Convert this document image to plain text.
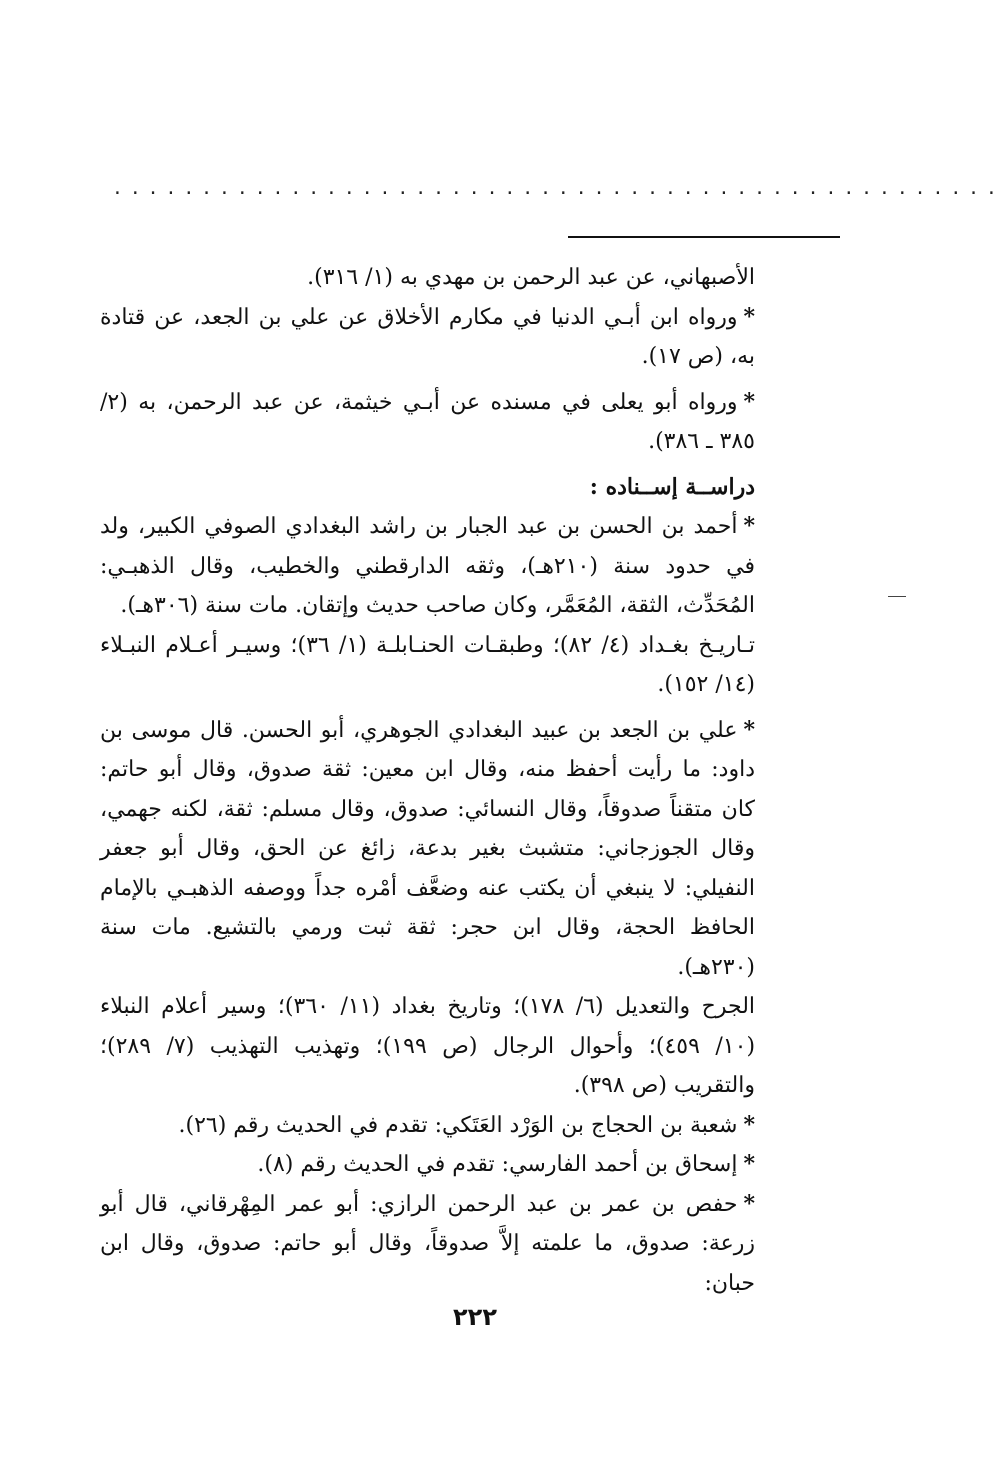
..................................................

الأصبهاني، عن عبد الرحمن بن مهدي به (١/ ٣١٦).

*ورواه ابن أبـي الدنيا في مكارم الأخلاق عن علي بن الجعد، عن قتادة به، (ص ١٧).

*ورواه أبو يعلى في مسنده عن أبـي خيثمة، عن عبد الرحمن، به (٢/ ٣٨٥ ـ ٣٨٦).

دراســة إســناده :

*أحمد بن الحسن بن عبد الجبار بن راشد البغدادي الصوفي الكبير، ولد في حدود سنة (٢١٠هـ)، وثقه الدارقطني والخطيب، وقال الذهبـي: المُحَدِّث، الثقة، المُعَمَّر، وكان صاحب حديث وإتقان. مات سنة (٣٠٦هـ).

تـاريـخ بغـداد (٤/ ٨٢)؛ وطبقـات الحنـابلـة (١/ ٣٦)؛ وسيـر أعـلام النبـلاء (١٤/ ١٥٢).

*علي بن الجعد بن عبيد البغدادي الجوهري، أبو الحسن. قال موسى بن داود: ما رأيت أحفظ منه، وقال ابن معين: ثقة صدوق، وقال أبو حاتم: كان متقناً صدوقاً، وقال النسائي: صدوق، وقال مسلم: ثقة، لكنه جهمي، وقال الجوزجاني: متشبث بغير بدعة، زائغ عن الحق، وقال أبو جعفر النفيلي: لا ينبغي أن يكتب عنه وضعَّف أمْره جداً ووصفه الذهبـي بالإمام الحافظ الحجة، وقال ابن حجر: ثقة ثبت ورمي بالتشيع. مات سنة (٢٣٠هـ).

الجرح والتعديل (٦/ ١٧٨)؛ وتاريخ بغداد (١١/ ٣٦٠)؛ وسير أعلام النبلاء (١٠/ ٤٥٩)؛ وأحوال الرجال (ص ١٩٩)؛ وتهذيب التهذيب (٧/ ٢٨٩)؛ والتقريب (ص ٣٩٨).

*شعبة بن الحجاج بن الوَرْد العَتَكي: تقدم في الحديث رقم (٢٦).

*إسحاق بن أحمد الفارسي: تقدم في الحديث رقم (٨).

*حفص بن عمر بن عبد الرحمن الرازي: أبو عمر المِهْرقاني، قال أبو زرعة: صدوق، ما علمته إلاَّ صدوقاً، وقال أبو حاتم: صدوق، وقال ابن حبان:

٢٢٢
